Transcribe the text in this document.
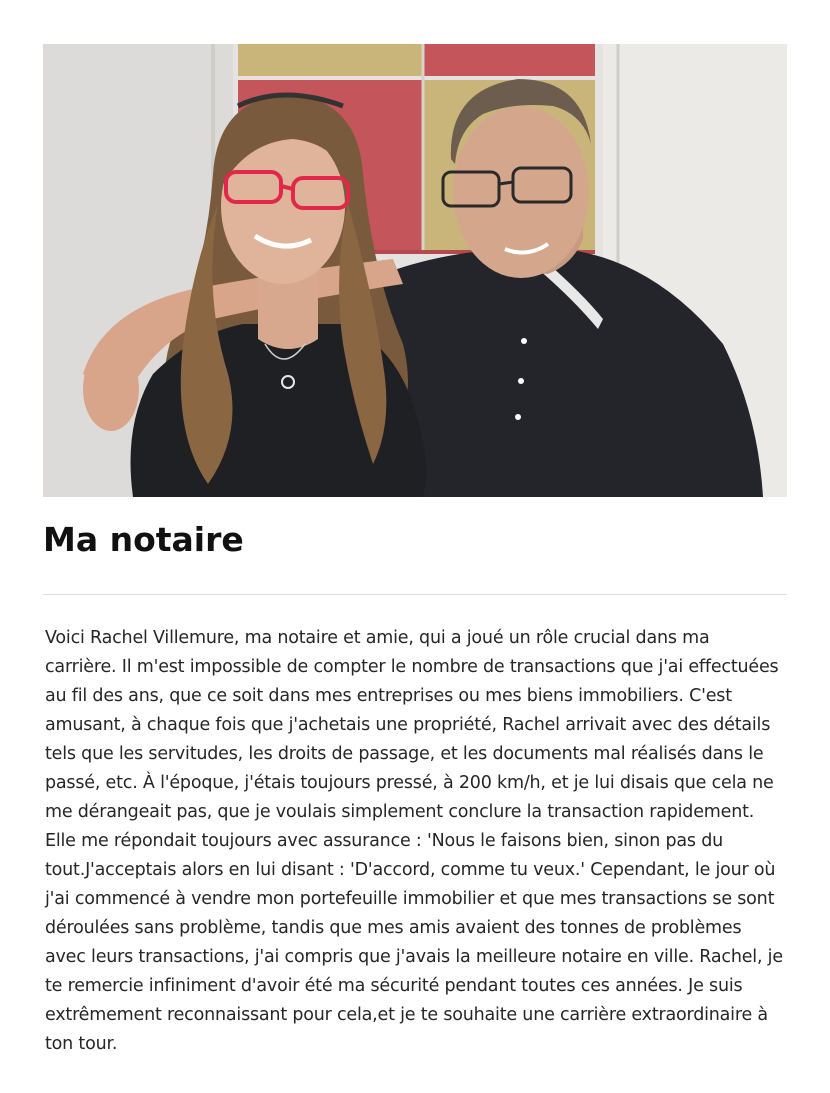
Ma notaire

Voici Rachel Villemure, ma notaire et amie, qui a joué un rôle crucial dans ma carrière. Il m'est impossible de compter le nombre de transactions que j'ai effectuées au fil des ans, que ce soit dans mes entreprises ou mes biens immobiliers. C'est amusant, à chaque fois que j'achetais une propriété, Rachel arrivait avec des détails tels que les servitudes, les droits de passage, et les documents mal réalisés dans le passé, etc. À l'époque, j'étais toujours pressé, à 200 km/h, et je lui disais que cela ne me dérangeait pas, que je voulais simplement conclure la transaction rapidement. Elle me répondait toujours avec assurance : 'Nous le faisons bien, sinon pas du tout.J'acceptais alors en lui disant : 'D'accord, comme tu veux.' Cependant, le jour où j'ai commencé à vendre mon portefeuille immobilier et que mes transactions se sont déroulées sans problème, tandis que mes amis avaient des tonnes de problèmes avec leurs transactions, j'ai compris que j'avais la meilleure notaire en ville. Rachel, je te remercie infiniment d'avoir été ma sécurité pendant toutes ces années. Je suis extrêmement reconnaissant pour cela,et je te souhaite une carrière extraordinaire à ton tour.
